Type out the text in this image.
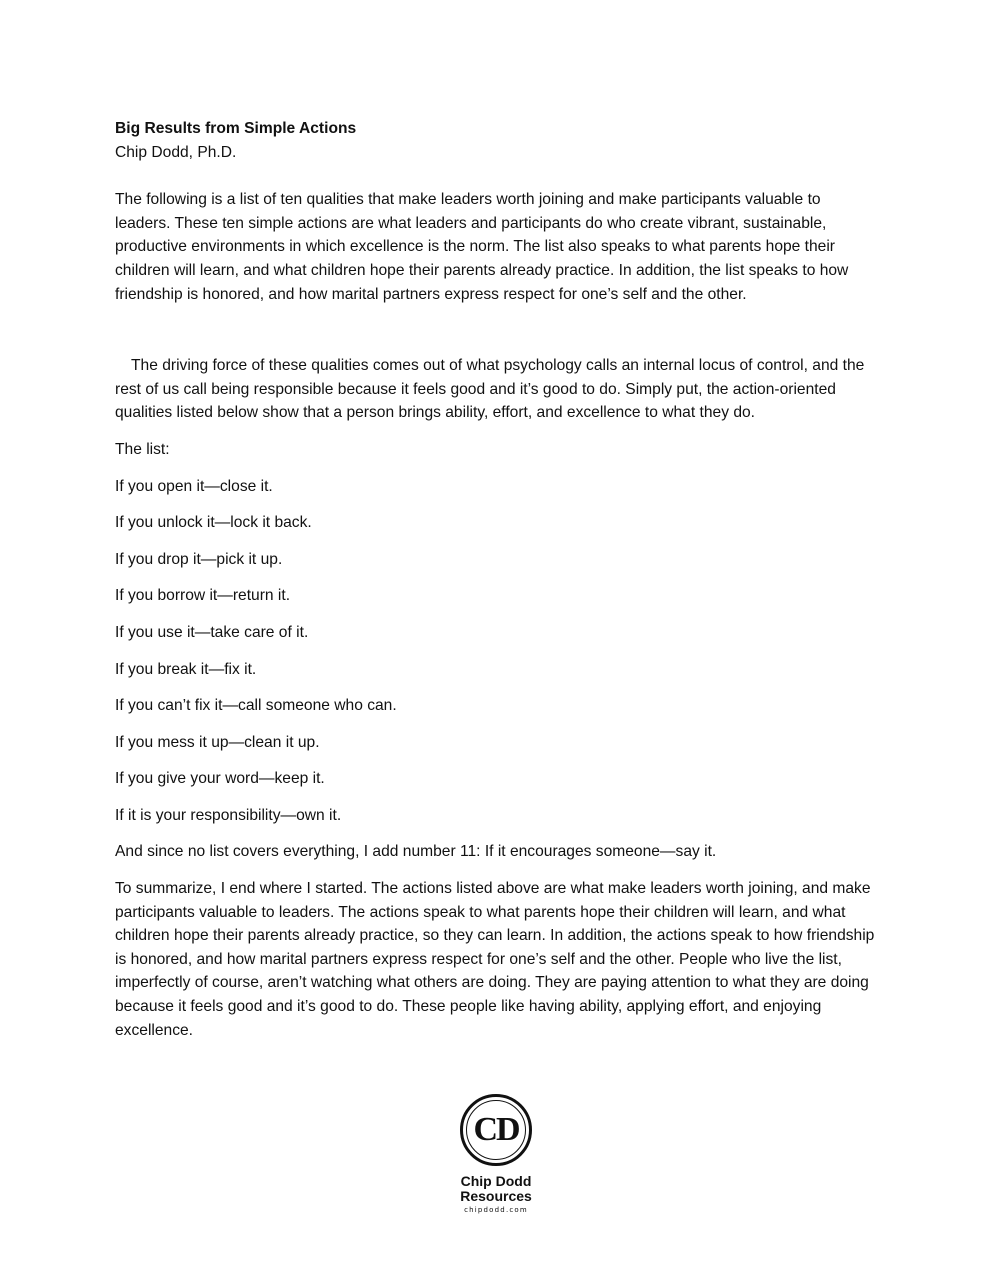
Big Results from Simple Actions

Chip Dodd, Ph.D.

The following is a list of ten qualities that make leaders worth joining and make participants valuable to leaders. These ten simple actions are what leaders and participants do who create vibrant, sustainable, productive environments in which excellence is the norm. The list also speaks to what parents hope their children will learn, and what children hope their parents already practice. In addition, the list speaks to how friendship is honored, and how marital partners express respect for one’s self and the other.

The driving force of these qualities comes out of what psychology calls an internal locus of control, and the rest of us call being responsible because it feels good and it’s good to do. Simply put, the action-oriented qualities listed below show that a person brings ability, effort, and excellence to what they do.

The list:

If you open it—close it.

If you unlock it—lock it back.

If you drop it—pick it up.

If you borrow it—return it.

If you use it—take care of it.

If you break it—fix it.

If you can’t fix it—call someone who can.

If you mess it up—clean it up.

If you give your word—keep it.

If it is your responsibility—own it.

And since no list covers everything, I add number 11: If it encourages someone—say it.

To summarize, I end where I started. The actions listed above are what make leaders worth joining, and make participants valuable to leaders. The actions speak to what parents hope their children will learn, and what children hope their parents already practice, so they can learn. In addition, the actions speak to how friendship is honored, and how marital partners express respect for one’s self and the other. People who live the list, imperfectly of course, aren’t watching what others are doing. They are paying attention to what they are doing because it feels good and it’s good to do. These people like having ability, applying effort, and enjoying excellence.

CD
Chip Dodd
Resources
chipdodd.com
